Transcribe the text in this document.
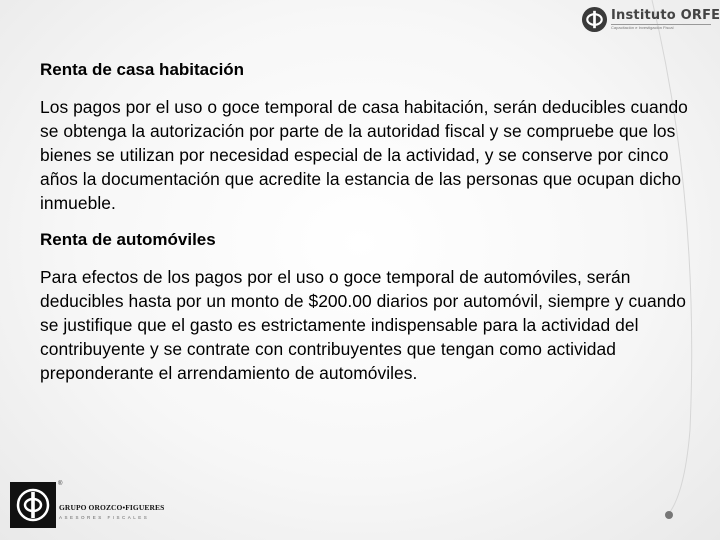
Instituto ORFE
Capacitación e Investigación Fiscal

Renta de casa habitación

Los pagos por el uso o goce temporal de casa habitación, serán deducibles cuando se obtenga la autorización por parte de la autoridad fiscal y se compruebe que los bienes se utilizan por necesidad especial de la actividad, y se conserve por cinco años la documentación que acredite la estancia de las personas que ocupan dicho inmueble.

Renta de automóviles

Para efectos de los pagos por el uso o goce temporal de automóviles, serán deducibles hasta por un monto de $200.00 diarios por automóvil, siempre y cuando se justifique que el gasto es estrictamente indispensable para la actividad del contribuyente y se contrate con contribuyentes que tengan como actividad preponderante el arrendamiento de automóviles.

®
GRUPO OROZCO•FIGUERES
ASESORES FISCALES
